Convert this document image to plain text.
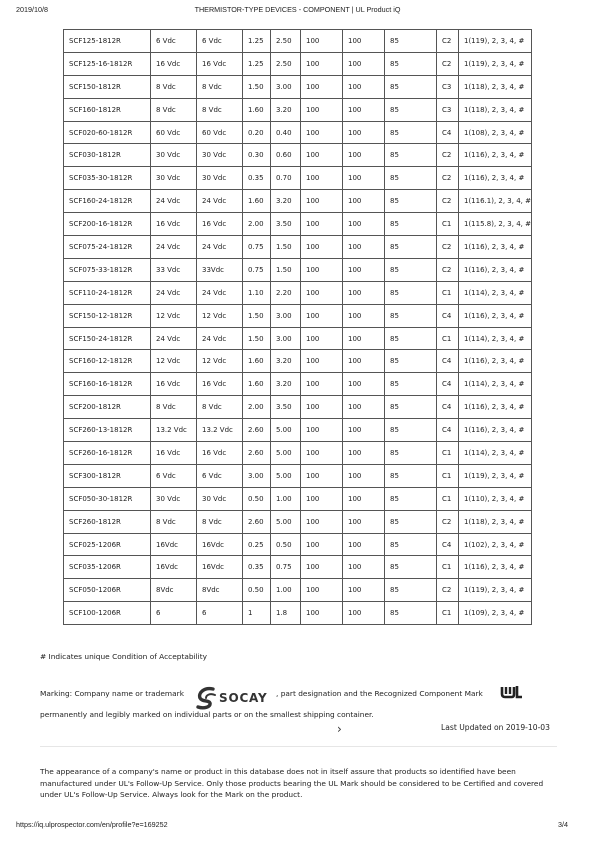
2019/10/8	THERMISTOR-TYPE DEVICES - COMPONENT | UL Product iQ
SCF125-1812R	6 Vdc	6 Vdc	1.25	2.50	100	100	85	C2	1(119), 2, 3, 4, #
SCF125-16-1812R	16 Vdc	16 Vdc	1.25	2.50	100	100	85	C2	1(119), 2, 3, 4, #
SCF150-1812R	8 Vdc	8 Vdc	1.50	3.00	100	100	85	C3	1(118), 2, 3, 4, #
SCF160-1812R	8 Vdc	8 Vdc	1.60	3.20	100	100	85	C3	1(118), 2, 3, 4, #
SCF020-60-1812R	60 Vdc	60 Vdc	0.20	0.40	100	100	85	C4	1(108), 2, 3, 4, #
SCF030-1812R	30 Vdc	30 Vdc	0.30	0.60	100	100	85	C2	1(116), 2, 3, 4, #
SCF035-30-1812R	30 Vdc	30 Vdc	0.35	0.70	100	100	85	C2	1(116), 2, 3, 4, #
SCF160-24-1812R	24 Vdc	24 Vdc	1.60	3.20	100	100	85	C2	1(116.1), 2, 3, 4, #
SCF200-16-1812R	16 Vdc	16 Vdc	2.00	3.50	100	100	85	C1	1(115.8), 2, 3, 4, #
SCF075-24-1812R	24 Vdc	24 Vdc	0.75	1.50	100	100	85	C2	1(116), 2, 3, 4, #
SCF075-33-1812R	33 Vdc	33Vdc	0.75	1.50	100	100	85	C2	1(116), 2, 3, 4, #
SCF110-24-1812R	24 Vdc	24 Vdc	1.10	2.20	100	100	85	C1	1(114), 2, 3, 4, #
SCF150-12-1812R	12 Vdc	12 Vdc	1.50	3.00	100	100	85	C4	1(116), 2, 3, 4, #
SCF150-24-1812R	24 Vdc	24 Vdc	1.50	3.00	100	100	85	C1	1(114), 2, 3, 4, #
SCF160-12-1812R	12 Vdc	12 Vdc	1.60	3.20	100	100	85	C4	1(116), 2, 3, 4, #
SCF160-16-1812R	16 Vdc	16 Vdc	1.60	3.20	100	100	85	C4	1(114), 2, 3, 4, #
SCF200-1812R	8 Vdc	8 Vdc	2.00	3.50	100	100	85	C4	1(116), 2, 3, 4, #
SCF260-13-1812R	13.2 Vdc	13.2 Vdc	2.60	5.00	100	100	85	C4	1(116), 2, 3, 4, #
SCF260-16-1812R	16 Vdc	16 Vdc	2.60	5.00	100	100	85	C1	1(114), 2, 3, 4, #
SCF300-1812R	6 Vdc	6 Vdc	3.00	5.00	100	100	85	C1	1(119), 2, 3, 4, #
SCF050-30-1812R	30 Vdc	30 Vdc	0.50	1.00	100	100	85	C1	1(110), 2, 3, 4, #
SCF260-1812R	8 Vdc	8 Vdc	2.60	5.00	100	100	85	C2	1(118), 2, 3, 4, #
SCF025-1206R	16Vdc	16Vdc	0.25	0.50	100	100	85	C4	1(102), 2, 3, 4, #
SCF035-1206R	16Vdc	16Vdc	0.35	0.75	100	100	85	C1	1(116), 2, 3, 4, #
SCF050-1206R	8Vdc	8Vdc	0.50	1.00	100	100	85	C2	1(119), 2, 3, 4, #
SCF100-1206R	6	6	1	1.8	100	100	85	C1	1(109), 2, 3, 4, #
# Indicates unique Condition of Acceptability
Marking: Company name or trademark	SOCAY , part designation and the Recognized Component Mark
permanently and legibly marked on individual parts or on the smallest shipping container.
›	Last Updated on 2019-10-03
The appearance of a company's name or product in this database does not in itself assure that products so identified have been manufactured under UL's Follow-Up Service. Only those products bearing the UL Mark should be considered to be Certified and covered under UL's Follow-Up Service. Always look for the Mark on the product.
https://iq.ulprospector.com/en/profile?e=169252	3/4
